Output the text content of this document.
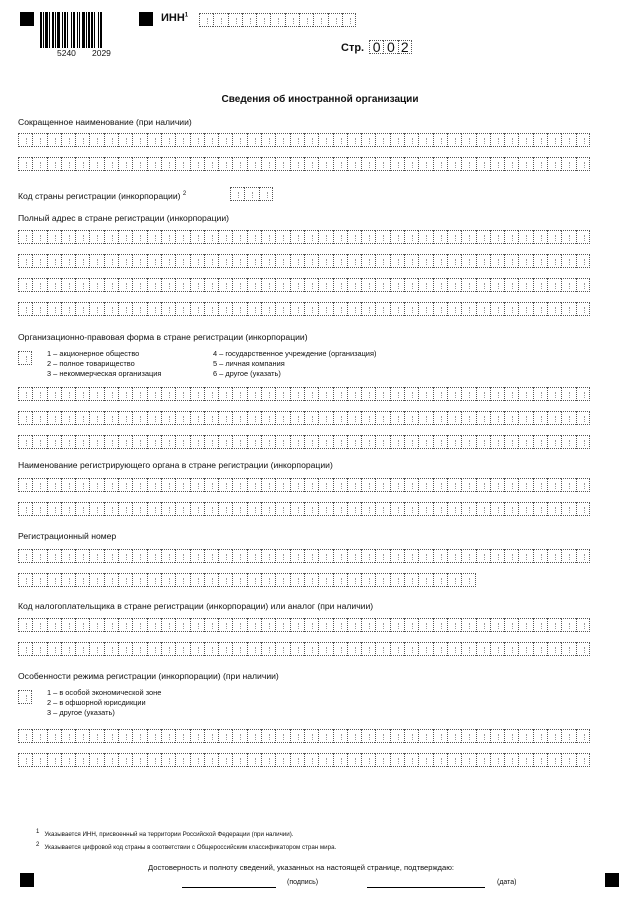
5240 2029
ИНН$^1$
Стр. 0 0 2
Сведения об иностранной организации
Сокращенное наименование (при наличии)
Код страны регистрации (инкорпорации) $^2$
Полный адрес в стране регистрации (инкорпорации)
Организационно-правовая форма в стране регистрации (инкорпорации)
1 – акционерное общество
2 – полное товарищество
3 – некоммерческая организация
4 – государственное учреждение (организация)
5 – личная компания
6 – другое (указать)
Наименование регистрирующего органа в стране регистрации (инкорпорации)
Регистрационный номер
Код налогоплательщика в стране регистрации (инкорпорации) или аналог (при наличии)
Особенности режима регистрации (инкорпорации) (при наличии)
1 – в особой экономической зоне
2 – в офшорной юрисдикции
3 – другое (указать)
$^1$ Указывается ИНН, присвоенный на территории Российской Федерации (при наличии).
$^2$ Указывается цифровой код страны в соответствии с Общероссийским классификатором стран мира.
Достоверность и полноту сведений, указанных на настоящей странице, подтверждаю:
(подпись)	(дата)
